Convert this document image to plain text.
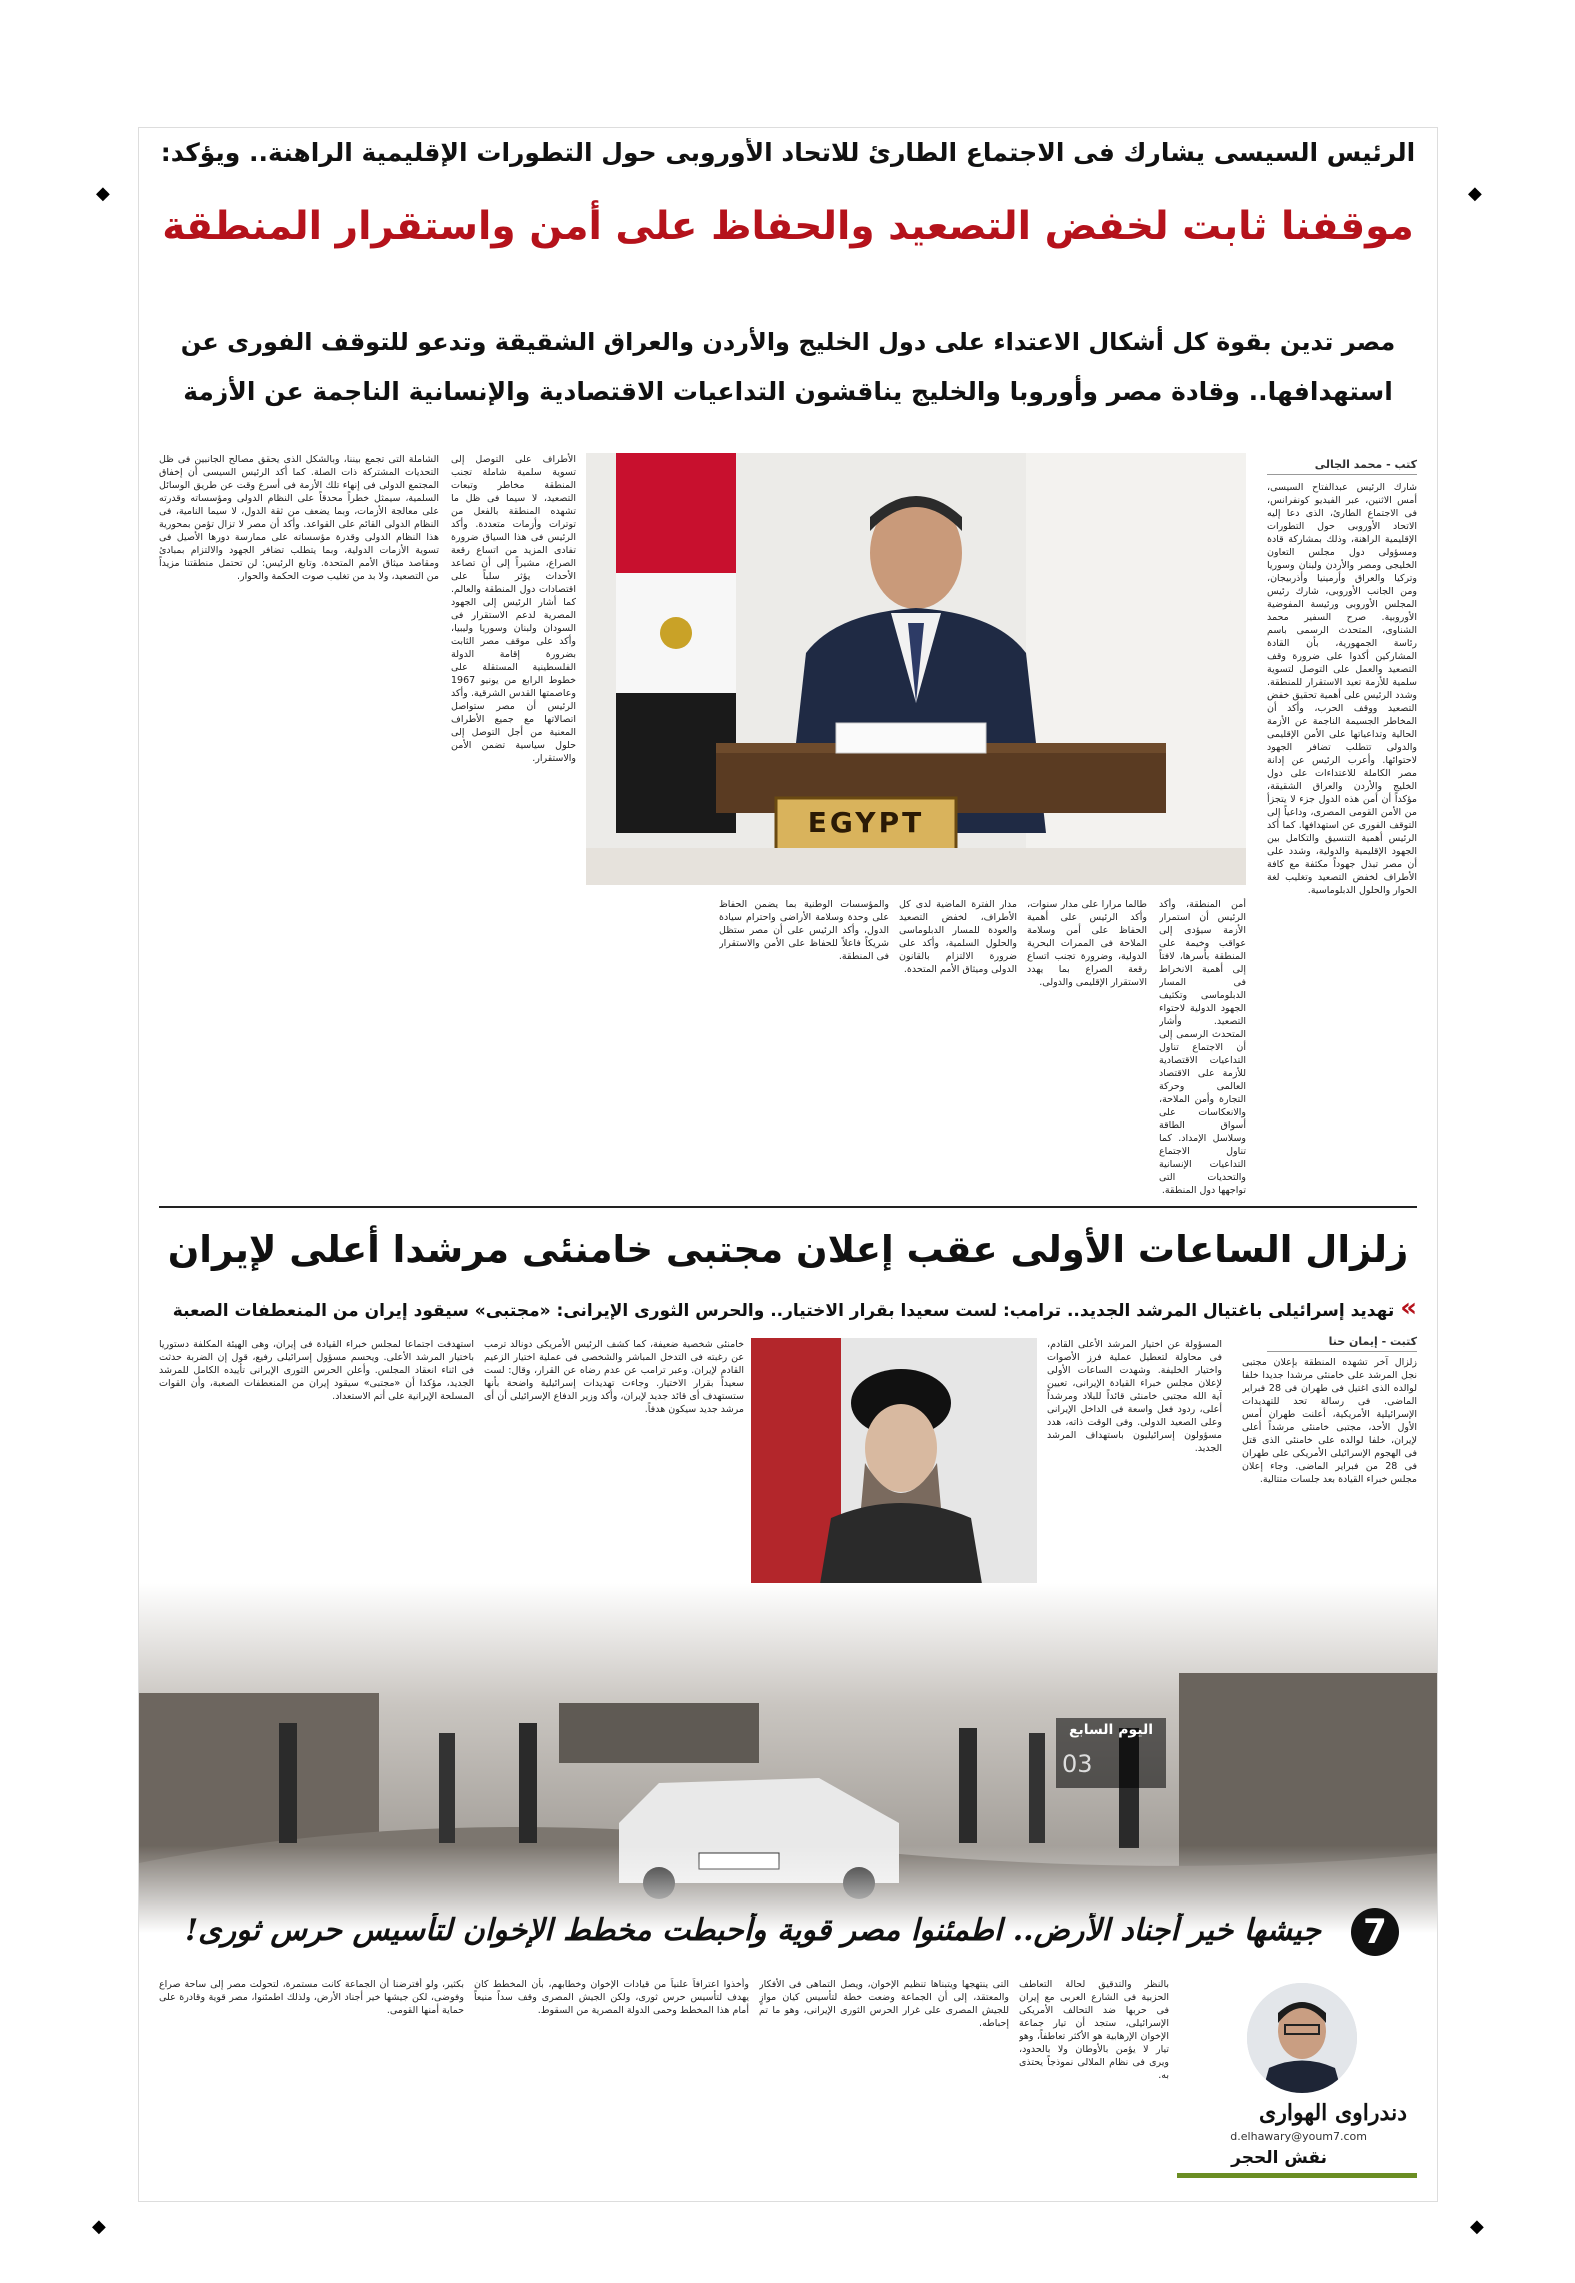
◆	◆
◆	◆
الرئيس السيسى يشارك فى الاجتماع الطارئ للاتحاد الأوروبى حول التطورات الإقليمية الراهنة.. ويؤكد:
موقفنا ثابت لخفض التصعيد والحفاظ على أمن واستقرار المنطقة
مصر تدين بقوة كل أشكال الاعتداء على دول الخليج والأردن والعراق الشقيقة وتدعو للتوقف الفورى عن
استهدافها.. وقادة مصر وأوروبا والخليج يناقشون التداعيات الاقتصادية والإنسانية الناجمة عن الأزمة
كتب - محمد الجالى
شارك الرئيس عبدالفتاح السيسى، أمس الاثنين، عبر الفيديو كونفرانس، فى الاجتماع الطارئ، الذى دعا إليه الاتحاد الأوروبى حول التطورات الإقليمية الراهنة، وذلك بمشاركة قادة ومسؤولى دول مجلس التعاون الخليجى ومصر والأردن ولبنان وسوريا وتركيا والعراق وأرمينيا وأذربيجان، ومن الجانب الأوروبى، شارك رئيس المجلس الأوروبى ورئيسة المفوضية الأوروبية. صرح السفير محمد الشناوى، المتحدث الرسمى باسم رئاسة الجمهورية، بأن القادة المشاركين أكدوا على ضرورة وقف التصعيد والعمل على التوصل لتسوية سلمية للأزمة تعيد الاستقرار للمنطقة. وشدد الرئيس على أهمية تحقيق خفض التصعيد ووقف الحرب، وأكد أن المخاطر الجسيمة الناجمة عن الأزمة الحالية وتداعياتها على الأمن الإقليمى والدولى تتطلب تضافر الجهود لاحتوائها. وأعرب الرئيس عن إدانة مصر الكاملة للاعتداءات على دول الخليج والأردن والعراق الشقيقة، مؤكداً أن أمن هذه الدول جزء لا يتجزأ من الأمن القومى المصرى، وداعياً إلى التوقف الفورى عن استهدافها. كما أكد الرئيس أهمية التنسيق والتكامل بين الجهود الإقليمية والدولية، وشدد على أن مصر تبذل جهوداً مكثفة مع كافة الأطراف لخفض التصعيد وتغليب لغة الحوار والحلول الدبلوماسية.
EGYPT
أمن المنطقة، وأكد الرئيس أن استمرار الأزمة سيؤدى إلى عواقب وخيمة على المنطقة بأسرها، لافتاً إلى أهمية الانخراط فى المسار الدبلوماسى وتكثيف الجهود الدولية لاحتواء التصعيد. وأشار المتحدث الرسمى إلى أن الاجتماع تناول التداعيات الاقتصادية للأزمة على الاقتصاد العالمى وحركة التجارة وأمن الملاحة، والانعكاسات على أسواق الطاقة وسلاسل الإمداد. كما تناول الاجتماع التداعيات الإنسانية والتحديات التى تواجهها دول المنطقة.
طالما مرارا على مدار سنوات، وأكد الرئيس على أهمية الحفاظ على أمن وسلامة الملاحة فى الممرات البحرية الدولية، وضرورة تجنب اتساع رقعة الصراع بما يهدد الاستقرار الإقليمى والدولى.
مدار الفترة الماضية لدى كل الأطراف، لخفض التصعيد والعودة للمسار الدبلوماسى والحلول السلمية، وأكد على ضرورة الالتزام بالقانون الدولى وميثاق الأمم المتحدة.
والمؤسسات الوطنية بما يضمن الحفاظ على وحدة وسلامة الأراضى واحترام سيادة الدول، وأكد الرئيس على أن مصر ستظل شريكاً فاعلاً للحفاظ على الأمن والاستقرار فى المنطقة.
الأطراف على التوصل إلى تسوية سلمية شاملة تجنب المنطقة مخاطر وتبعات التصعيد، لا سيما فى ظل ما تشهده المنطقة بالفعل من توترات وأزمات متعددة. وأكد الرئيس فى هذا السياق ضرورة تفادى المزيد من اتساع رقعة الصراع، مشيراً إلى أن تصاعد الأحداث يؤثر سلباً على اقتصادات دول المنطقة والعالم. كما أشار الرئيس إلى الجهود المصرية لدعم الاستقرار فى السودان ولبنان وسوريا وليبيا، وأكد على موقف مصر الثابت بضرورة إقامة الدولة الفلسطينية المستقلة على خطوط الرابع من يونيو 1967 وعاصمتها القدس الشرقية. وأكد الرئيس أن مصر ستواصل اتصالاتها مع جميع الأطراف المعنية من أجل التوصل إلى حلول سياسية تضمن الأمن والاستقرار.
الشاملة التى تجمع بيننا، وبالشكل الذى يحقق مصالح الجانبين فى ظل التحديات المشتركة ذات الصلة. كما أكد الرئيس السيسى أن إخفاق المجتمع الدولى فى إنهاء تلك الأزمة فى أسرع وقت عن طريق الوسائل السلمية، سيمثل خطراً محدقاً على النظام الدولى ومؤسساته وقدرته على معالجة الأزمات، وبما يضعف من ثقة الدول، لا سيما النامية، فى النظام الدولى القائم على القواعد. وأكد أن مصر لا تزال تؤمن بمحورية هذا النظام الدولى وقدرة مؤسساته على ممارسة دورها الأصيل فى تسوية الأزمات الدولية، وبما يتطلب تضافر الجهود والالتزام بمبادئ ومقاصد ميثاق الأمم المتحدة. وتابع الرئيس: لن تحتمل منطقتنا مزيداً من التصعيد، ولا بد من تغليب صوت الحكمة والحوار.
زلزال الساعات الأولى عقب إعلان مجتبى خامنئى مرشدا أعلى لإيران
»تهديد إسرائيلى باغتيال المرشد الجديد.. ترامب: لست سعيدا بقرار الاختيار.. والحرس الثورى الإيرانى: «مجتبى» سيقود إيران من المنعطفات الصعبة
كتبت - إيمان حنا
زلزال آخر تشهده المنطقة بإعلان مجتبى نجل المرشد على خامنئى مرشدا جديدا خلفا لوالده الذى اغتيل فى طهران فى 28 فبراير الماضى. فى رسالة تحد للتهديدات الإسرائيلية الأمريكية، أعلنت طهران أمس الأول الأحد، مجتبى خامنئى مرشداً أعلى لإيران، خلفا لوالده على خامنئى الذى قتل فى الهجوم الإسرائيلى الأمريكى على طهران فى 28 من فبراير الماضى. وجاء إعلان مجلس خبراء القيادة بعد جلسات متتالية.
المسؤولة عن اختيار المرشد الأعلى القادم، فى محاولة لتعطيل عملية فرز الأصوات واختيار الخليفة. وشهدت الساعات الأولى لإعلان مجلس خبراء القيادة الإيرانى، تعيين آية الله مجتبى خامنئى قائداً للبلاد ومرشداً أعلى، ردود فعل واسعة فى الداخل الإيرانى وعلى الصعيد الدولى. وفى الوقت ذاته، هدد مسؤولون إسرائيليون باستهداف المرشد الجديد.
خامنئى شخصية ضعيفة، كما كشف الرئيس الأمريكى دونالد ترمب عن رغبته فى التدخل المباشر والشخصى فى عملية اختيار الزعيم القادم لإيران. وعبر ترامب عن عدم رضاه عن القرار، وقال: لست سعيداً بقرار الاختيار. وجاءت تهديدات إسرائيلية واضحة بأنها ستستهدف أى قائد جديد لإيران، وأكد وزير الدفاع الإسرائيلى أن أى مرشد جديد سيكون هدفاً.
استهدفت اجتماعا لمجلس خبراء القيادة فى إيران، وهى الهيئة المكلفة دستوريا باختيار المرشد الأعلى. ويحسم مسؤول إسرائيلى رفيع، قول إن الضربة حدثت فى اثناء انعقاد المجلس. وأعلن الحرس الثورى الإيرانى تأييده الكامل للمرشد الجديد، مؤكدا أن «مجتبى» سيقود إيران من المنعطفات الصعبة، وأن القوات المسلحة الإيرانية على أتم الاستعداد.
اليوم السابع
03
7
جيشها خير أجناد الأرض.. اطمئنوا مصر قوية وأحبطت مخطط الإخوان لتأسيس حرس ثورى!
دندراوى الهوارى
d.elhawary@youm7.com
نقش الحجر
بالنظر والتدقيق لحالة التعاطف الحزبية فى الشارع العربى مع إيران فى حربها ضد التحالف الأمريكى الإسرائيلى، ستجد أن تيار جماعة الإخوان الإرهابية هو الأكثر تعاطفاً، وهو تيار لا يؤمن بالأوطان ولا بالحدود، ويرى فى نظام الملالى نموذجاً يحتذى به.
التى ينتهجها ويتبناها تنظيم الإخوان، ويصل التماهى فى الأفكار والمعتقد، إلى أن الجماعة وضعت خطة لتأسيس كيان موازٍ للجيش المصرى على غرار الحرس الثورى الإيرانى، وهو ما تم إحباطه.
وأخذوا اعترافاً علنياً من قيادات الإخوان وخطابهم، بأن المخطط كان يهدف لتأسيس حرس ثورى، ولكن الجيش المصرى وقف سداً منيعاً أمام هذا المخطط وحمى الدولة المصرية من السقوط.
بكثير، ولو أفترضنا أن الجماعة كانت مستمرة، لتحولت مصر إلى ساحة صراع وفوضى، لكن جيشها خير أجناد الأرض، ولذلك اطمئنوا، مصر قوية وقادرة على حماية أمنها القومى.
